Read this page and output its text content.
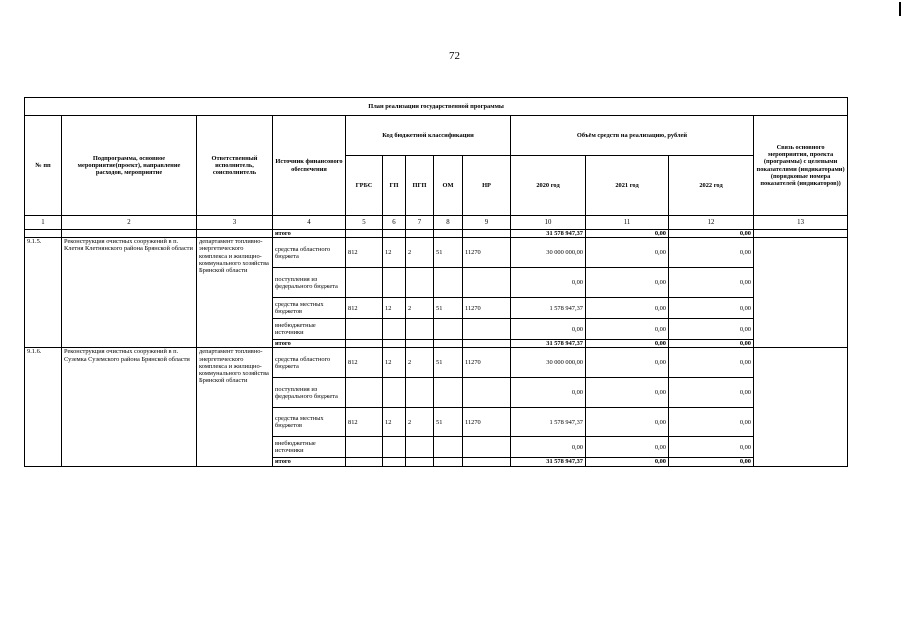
72
План реализации государственной программы												
№ пп	Подпрограмма, основное мероприятие(проект), направление расходов, мероприятие	Ответственный исполнитель, соисполнитель	Источник финансового обеспечения	Код бюджетной классификации					Объём средств на реализацию, рублей			Связь основного мероприятия, проекта (программы) с целевыми показателями (индикаторами) (порядковые номера показателей (индикаторов))
				ГРБС	ГП	ПГП	ОМ	НР	2020 год	2021 год	2022 год	
1	2	3	4	5	6	7	8	9	10	11	12	13
			итого						31 578 947,37	0,00	0,00	
9.1.5.	Реконструкция очистных сооружений в п. Клетня Клетнянского района Брянской области	департамент топливно-энергетического комплекса и жилищно-коммунального хозяйства Брянской области	средства областного бюджета	812	12	2	51	11270	30 000 000,00	0,00	0,00	
			поступления из федерального бюджета						0,00	0,00	0,00	
			средства местных бюджетов	812	12	2	51	11270	1 578 947,37	0,00	0,00	
			внебюджетные источники						0,00	0,00	0,00	
			итого						31 578 947,37	0,00	0,00	
9.1.6.	Реконструкция очистных сооружений в п. Суземка Суземского района Брянской области	департамент топливно-энергетического комплекса и жилищно-коммунального хозяйства Брянской области	средства областного бюджета	812	12	2	51	11270	30 000 000,00	0,00	0,00	
			поступления из федерального бюджета						0,00	0,00	0,00	
			средства местных бюджетов	812	12	2	51	11270	1 578 947,37	0,00	0,00	
			внебюджетные источники						0,00	0,00	0,00	
			итого						31 578 947,37	0,00	0,00	
